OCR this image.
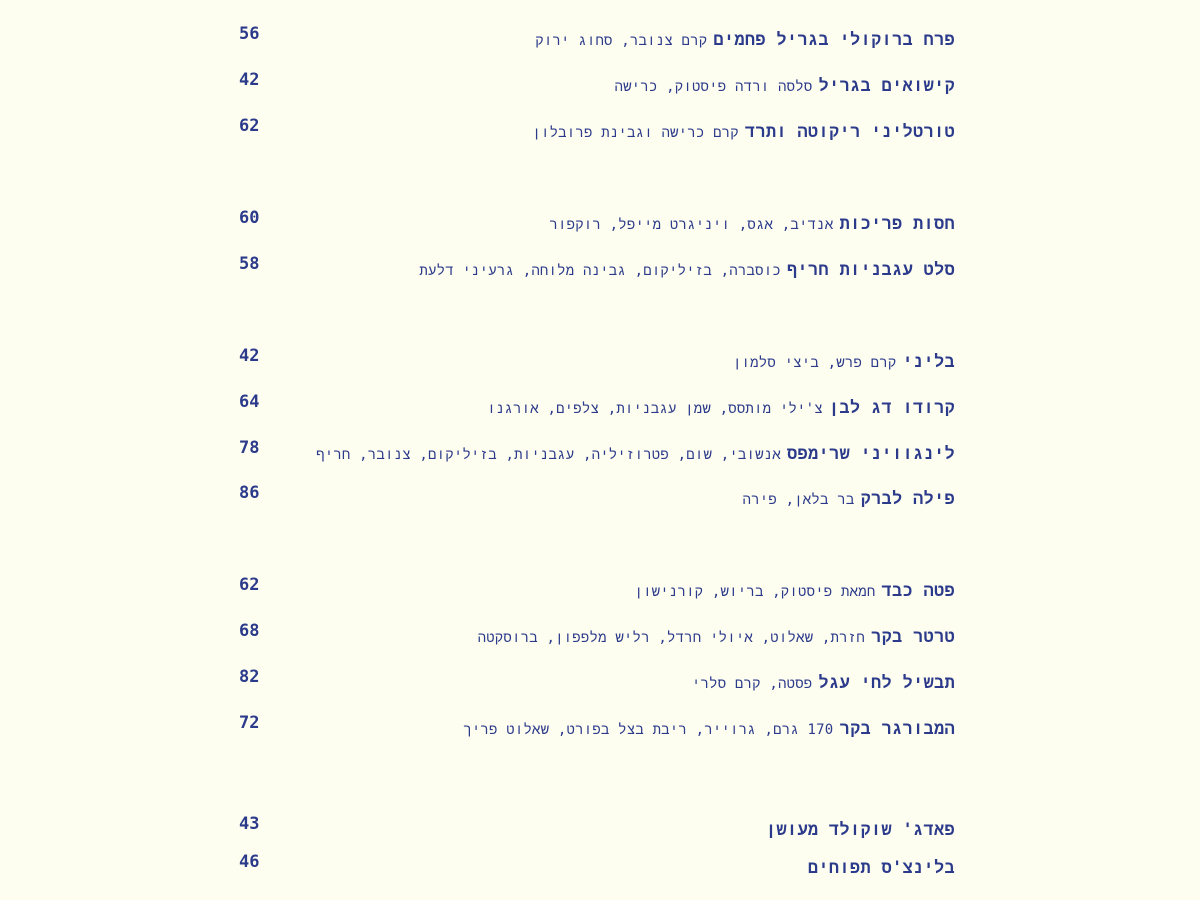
פרח ברוקולי בגריל פחמיםקרם צנובר, סחוג ירוק
56
קישואים בגרילסלסה ורדה פיסטוק, כרישה
42
טורטליני ריקוטה ותרדקרם כרישה וגבינת פרובלון
62
חסות פריכותאנדיב, אגס, ויניגרט מייפל, רוקפור
60
סלט עגבניות חריףכוסברה, בזיליקום, גבינה מלוחה, גרעיני דלעת
58
בליניקרם פרש, ביצי סלמון
42
קרודו דג לבןצ'ילי מותסס, שמן עגבניות, צלפים, אורגנו
64
לינגוויני שרימפסאנשובי, שום, פטרוזיליה, עגבניות, בזיליקום, צנובר, חריף
78
פילה לברקבר בלאן, פירה
86
פטה כבדחמאת פיסטוק, בריוש, קורנישון
62
טרטר בקרחזרת, שאלוט, איולי חרדל, רליש מלפפון, ברוסקטה
68
תבשיל לחי עגלפסטה, קרם סלרי
82
המבורגר בקר170 גרם, גרוייר, ריבת בצל בפורט, שאלוט פריך
72
פאדג' שוקולד מעושן
43
בלינצ'ס תפוחים
46
